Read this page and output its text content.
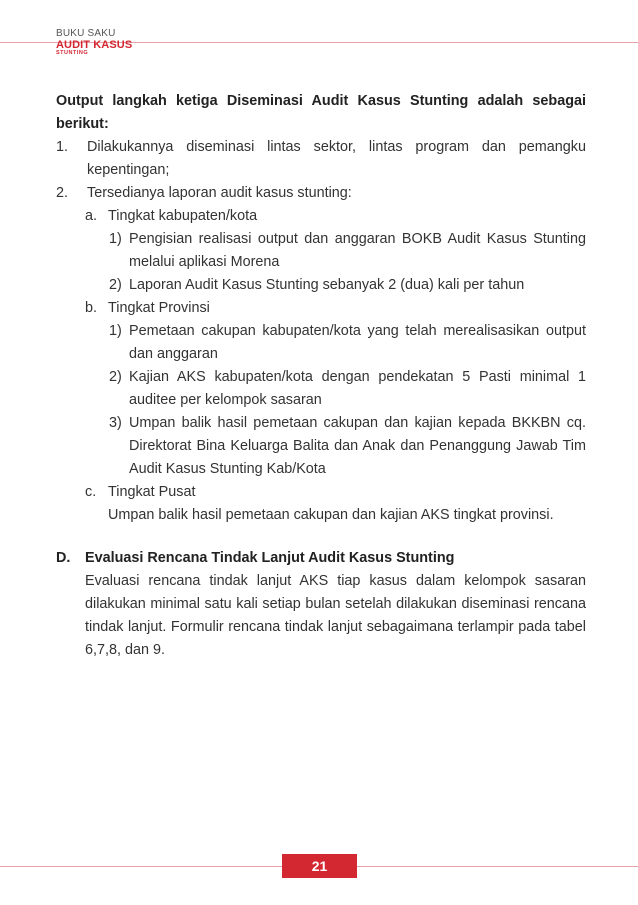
BUKU SAKU
AUDIT KASUS
STUNTING

Output langkah ketiga Diseminasi Audit Kasus Stunting adalah sebagai berikut:

1.	Dilakukannya diseminasi lintas sektor, lintas program dan pemangku kepentingan;
2.	Tersedianya laporan audit kasus stunting:
a. Tingkat kabupaten/kota
1) Pengisian realisasi output dan anggaran BOKB Audit Kasus Stunting melalui aplikasi Morena
2) Laporan Audit Kasus Stunting sebanyak 2 (dua) kali per tahun
b. Tingkat Provinsi
1) Pemetaan cakupan kabupaten/kota yang telah merealisasikan output dan anggaran
2) Kajian AKS kabupaten/kota dengan pendekatan 5 Pasti minimal 1 auditee per kelompok sasaran
3) Umpan balik hasil pemetaan cakupan dan kajian kepada BKKBN cq. Direktorat Bina Keluarga Balita dan Anak dan Penanggung Jawab Tim Audit Kasus Stunting Kab/Kota
c. Tingkat Pusat

Umpan balik hasil pemetaan cakupan dan kajian AKS tingkat provinsi.

D.	Evaluasi Rencana Tindak Lanjut Audit Kasus Stunting

Evaluasi rencana tindak lanjut AKS tiap kasus dalam kelompok sasaran dilakukan minimal satu kali setiap bulan setelah dilakukan diseminasi rencana tindak lanjut. Formulir rencana tindak lanjut sebagaimana terlampir pada tabel 6,7,8, dan 9.

21
